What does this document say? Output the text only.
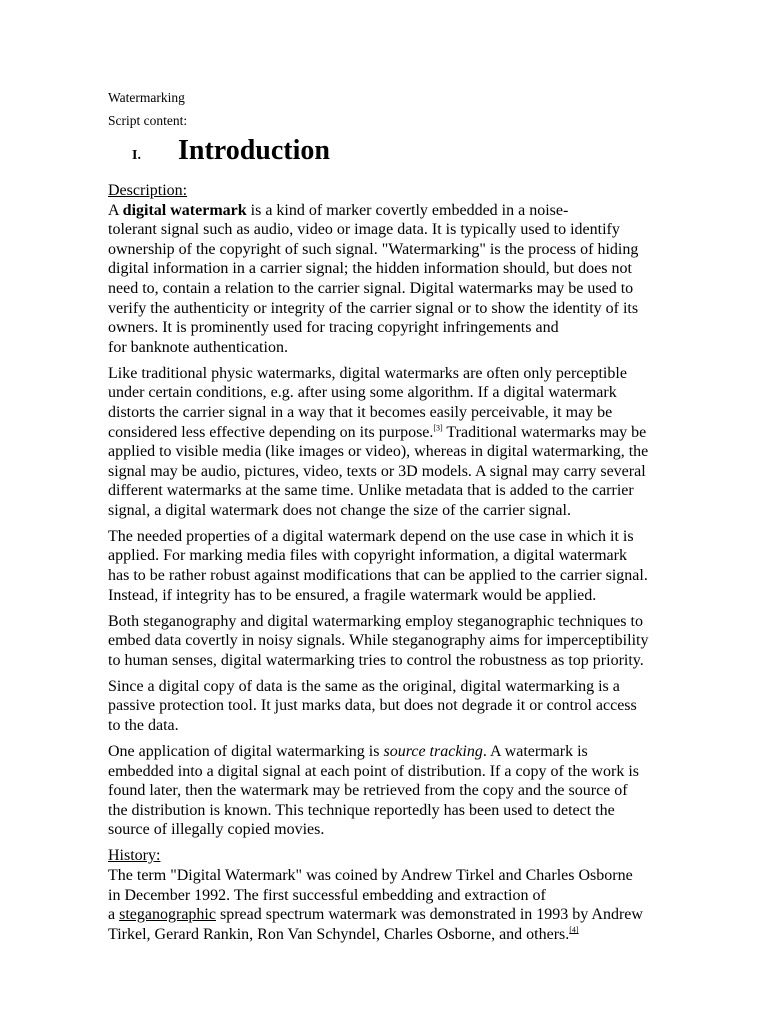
Watermarking

Script content:

I.	Introduction

Description:

A digital watermark is a kind of marker covertly embedded in a noise-
tolerant signal such as audio, video or image data. It is typically used to identify
ownership of the copyright of such signal. "Watermarking" is the process of hiding
digital information in a carrier signal; the hidden information should, but does not
need to, contain a relation to the carrier signal. Digital watermarks may be used to
verify the authenticity or integrity of the carrier signal or to show the identity of its
owners. It is prominently used for tracing copyright infringements and
for banknote authentication.

Like traditional physic watermarks, digital watermarks are often only perceptible
under certain conditions, e.g. after using some algorithm. If a digital watermark
distorts the carrier signal in a way that it becomes easily perceivable, it may be
considered less effective depending on its purpose.[3] Traditional watermarks may be
applied to visible media (like images or video), whereas in digital watermarking, the
signal may be audio, pictures, video, texts or 3D models. A signal may carry several
different watermarks at the same time. Unlike metadata that is added to the carrier
signal, a digital watermark does not change the size of the carrier signal.

The needed properties of a digital watermark depend on the use case in which it is
applied. For marking media files with copyright information, a digital watermark
has to be rather robust against modifications that can be applied to the carrier signal.
Instead, if integrity has to be ensured, a fragile watermark would be applied.

Both steganography and digital watermarking employ steganographic techniques to
embed data covertly in noisy signals. While steganography aims for imperceptibility
to human senses, digital watermarking tries to control the robustness as top priority.

Since a digital copy of data is the same as the original, digital watermarking is a
passive protection tool. It just marks data, but does not degrade it or control access
to the data.

One application of digital watermarking is source tracking. A watermark is
embedded into a digital signal at each point of distribution. If a copy of the work is
found later, then the watermark may be retrieved from the copy and the source of
the distribution is known. This technique reportedly has been used to detect the
source of illegally copied movies.

History:

The term "Digital Watermark" was coined by Andrew Tirkel and Charles Osborne
in December 1992. The first successful embedding and extraction of
a steganographic spread spectrum watermark was demonstrated in 1993 by Andrew
Tirkel, Gerard Rankin, Ron Van Schyndel, Charles Osborne, and others.[4]
